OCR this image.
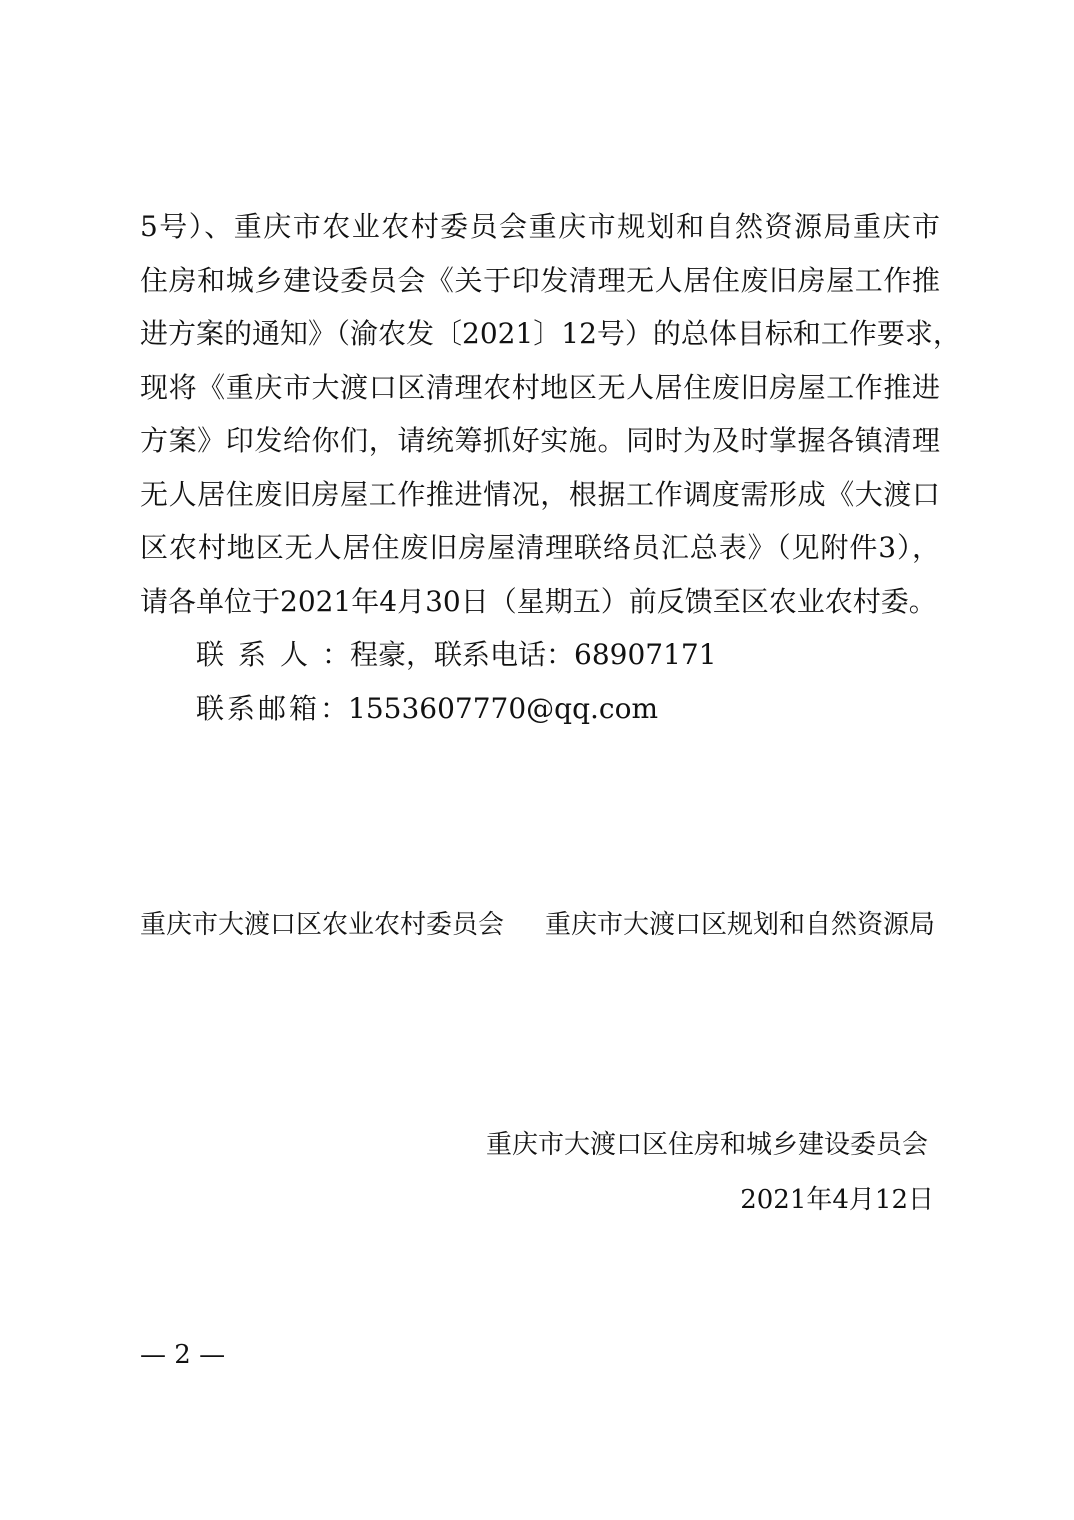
5号）、重庆市农业农村委员会重庆市规划和自然资源局重庆市
住房和城乡建设委员会《关于印发清理无人居住废旧房屋工作推
进方案的通知》（渝农发〔2021〕12号）的总体目标和工作要求，
现将《重庆市大渡口区清理农村地区无人居住废旧房屋工作推进
方案》印发给你们，请统筹抓好实施。同时为及时掌握各镇清理
无人居住废旧房屋工作推进情况，根据工作调度需形成《大渡口
区农村地区无人居住废旧房屋清理联络员汇总表》（见附件3），
请各单位于2021年4月30日（星期五）前反馈至区农业农村委。
联系人：程豪，联系电话：68907171
联系邮箱：1553607770@qq.com
重庆市大渡口区农业农村委员会 重庆市大渡口区规划和自然资源局
重庆市大渡口区住房和城乡建设委员会
2021年4月12日
— 2 —
